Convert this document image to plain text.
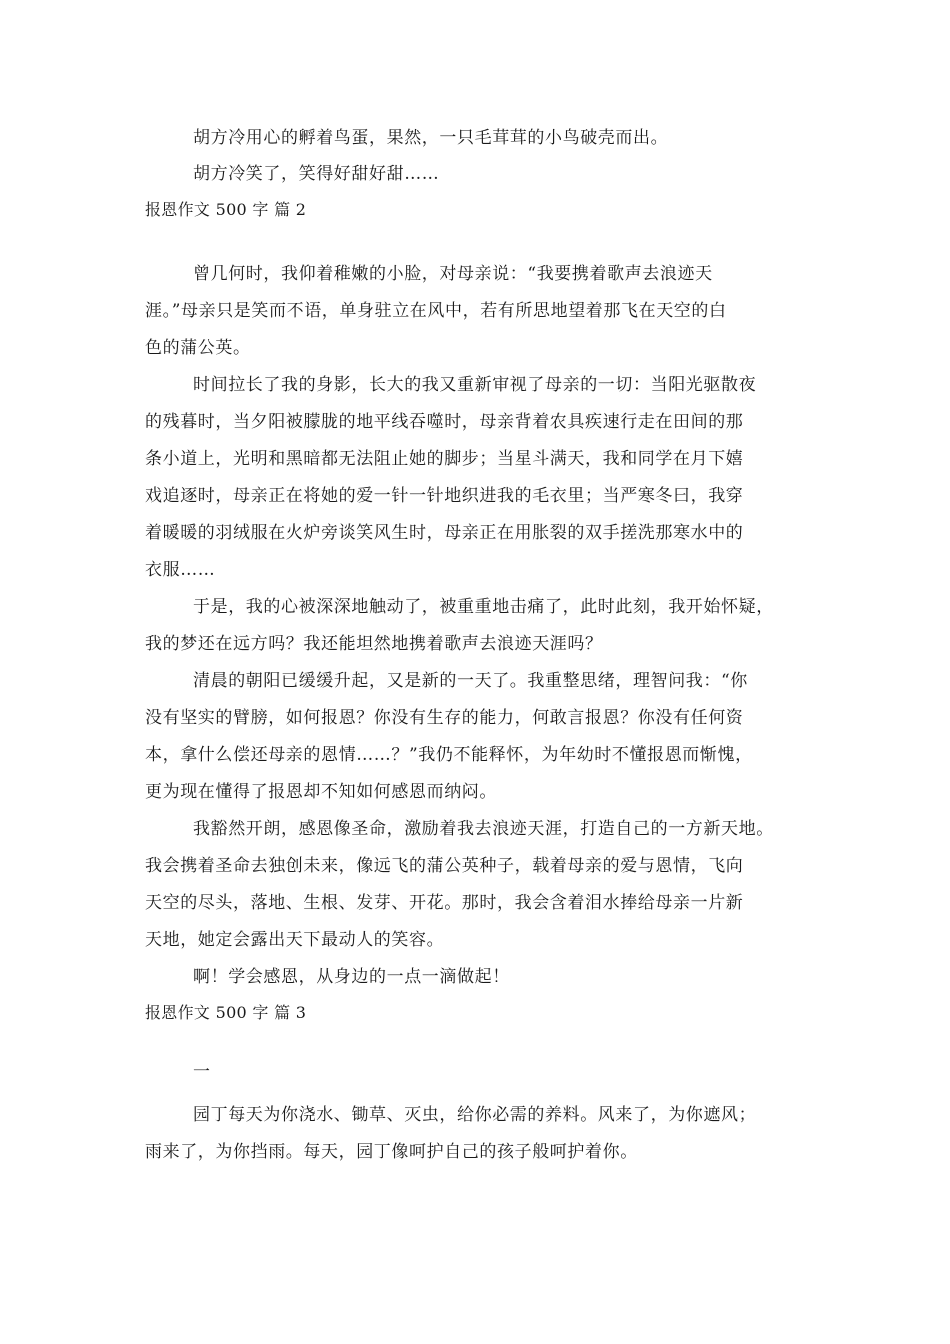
胡方冷用心的孵着鸟蛋，果然，一只毛茸茸的小鸟破壳而出。
胡方冷笑了，笑得好甜好甜……
报恩作文 500 字 篇 2
曾几何时，我仰着稚嫩的小脸，对母亲说：“我要携着歌声去浪迹天
涯。”母亲只是笑而不语，单身驻立在风中，若有所思地望着那飞在天空的白
色的蒲公英。
时间拉长了我的身影，长大的我又重新审视了母亲的一切：当阳光驱散夜
的残暮时，当夕阳被朦胧的地平线吞噬时，母亲背着农具疾速行走在田间的那
条小道上，光明和黑暗都无法阻止她的脚步；当星斗满天，我和同学在月下嬉
戏追逐时，母亲正在将她的爱一针一针地织进我的毛衣里；当严寒冬曰，我穿
着暖暖的羽绒服在火炉旁谈笑风生时，母亲正在用胀裂的双手搓洗那寒水中的
衣服……
于是，我的心被深深地触动了，被重重地击痛了，此时此刻，我开始怀疑，
我的梦还在远方吗？我还能坦然地携着歌声去浪迹天涯吗？
清晨的朝阳已缓缓升起，又是新的一天了。我重整思绪，理智问我：“你
没有坚实的臂膀，如何报恩？你没有生存的能力，何敢言报恩？你没有任何资
本，拿什么偿还母亲的恩情……？”我仍不能释怀，为年幼时不懂报恩而惭愧，
更为现在懂得了报恩却不知如何感恩而纳闷。
我豁然开朗，感恩像圣命，激励着我去浪迹天涯，打造自己的一方新天地。
我会携着圣命去独创未来，像远飞的蒲公英种子，载着母亲的爱与恩情，飞向
天空的尽头，落地、生根、发芽、开花。那时，我会含着泪水捧给母亲一片新
天地，她定会露出天下最动人的笑容。
啊！学会感恩，从身边的一点一滴做起！
报恩作文 500 字 篇 3
一
园丁每天为你浇水、锄草、灭虫，给你必需的养料。风来了，为你遮风；
雨来了，为你挡雨。每天，园丁像呵护自己的孩子般呵护着你。
